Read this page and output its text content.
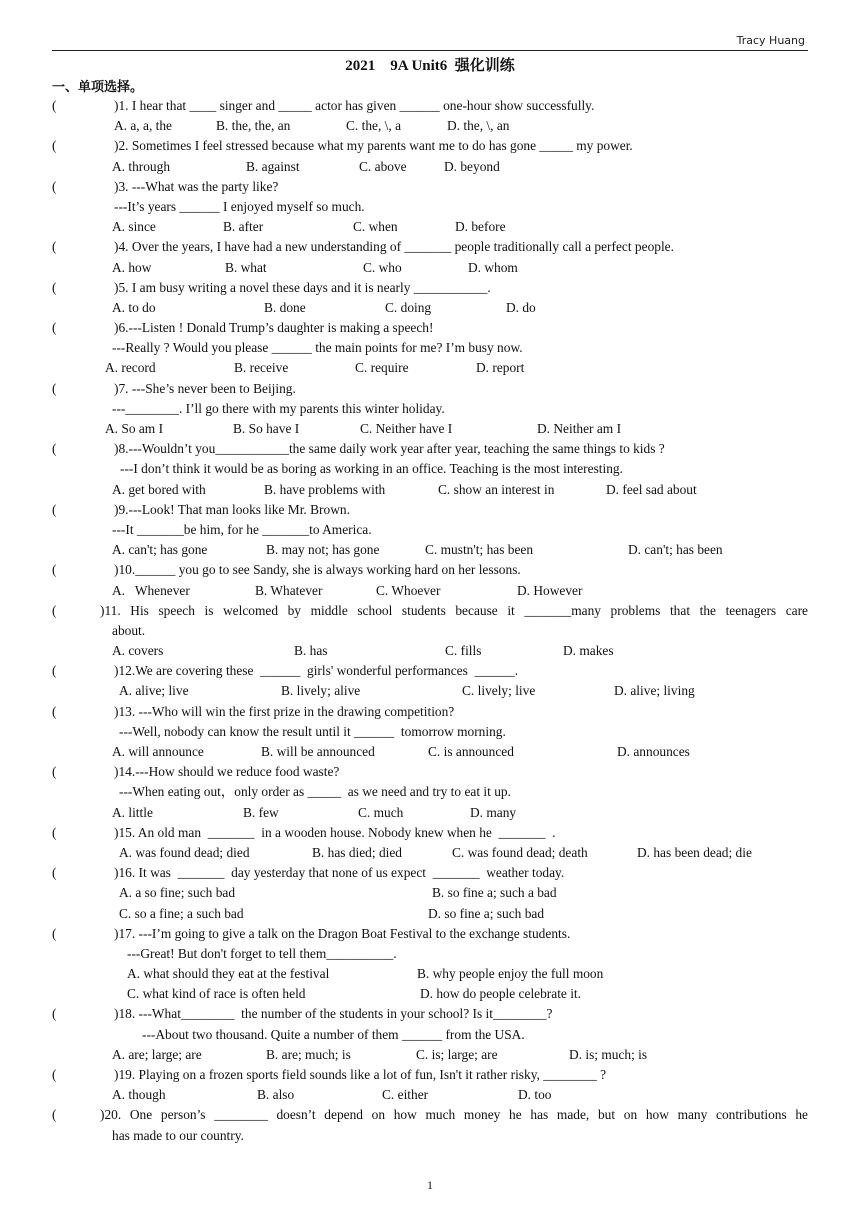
Tracy Huang
2021    9A Unit6  强化训练
一、单项选择。
(	)1. I hear that ____ singer and _____ actor has given ______ one-hour show successfully.
A. a, a, the	B. the, the, an	C. the, \, a	D. the, \, an
(	)2. Sometimes I feel stressed because what my parents want me to do has gone _____ my power.
A. through	B. against	C. above	D. beyond
(	)3. ---What was the party like?
---It’s years ______ I enjoyed myself so much.
A. since	B. after	C. when	D. before
(	)4. Over the years, I have had a new understanding of _______ people traditionally call a perfect people.
A. how	B. what	C. who	D. whom
(	)5. I am busy writing a novel these days and it is nearly ___________.
A. to do	B. done	C. doing	D. do
(	)6.---Listen ! Donald Trump’s daughter is making a speech!
---Really ? Would you please ______ the main points for me? I’m busy now.
A. record	B. receive	C. require	D. report
(	)7. ---She’s never been to Beijing.
---________. I’ll go there with my parents this winter holiday.
A. So am I	B. So have I	C. Neither have I	D. Neither am I
(	)8.---Wouldn’t you___________the same daily work year after year, teaching the same things to kids ?
---I don’t think it would be as boring as working in an office. Teaching is the most interesting.
A. get bored with	B. have problems with	C. show an interest in	D. feel sad about
(	)9.---Look! That man looks like Mr. Brown.
---It _______be him, for he _______to America.
A. can't; has gone	B. may not; has gone	C. mustn't; has been	D. can't; has been
(	)10.______ you go to see Sandy, she is always working hard on her lessons.
A.   Whenever	B. Whatever	C. Whoever	D. However
(	)11. His speech is welcomed by middle school students because it _______many problems that the teenagers care
about.
A. covers	B. has	C. fills	D. makes
(	)12.We are covering these  ______  girls' wonderful performances  ______.
A. alive; live	B. lively; alive	C. lively; live	D. alive; living
(	)13. ---Who will win the first prize in the drawing competition?
---Well, nobody can know the result until it ______  tomorrow morning.
A. will announce	B. will be announced	C. is announced	D. announces
(	)14.---How should we reduce food waste?
---When eating out，only order as _____  as we need and try to eat it up.
A. little	B. few	C. much	D. many
(	)15. An old man  _______  in a wooden house. Nobody knew when he  _______  .
A. was found dead; died	B. has died; died	C. was found dead; death	D. has been dead; die
(	)16. It was  _______  day yesterday that none of us expect  _______  weather today.
A. a so fine; such bad	B. so fine a; such a bad
C. so a fine; a such bad	D. so fine a; such bad
(	)17. ---I’m going to give a talk on the Dragon Boat Festival to the exchange students.
---Great! But don't forget to tell them__________.
A. what should they eat at the festival	B. why people enjoy the full moon
C. what kind of race is often held	D. how do people celebrate it.
(	)18. ---What________  the number of the students in your school? Is it________?
---About two thousand. Quite a number of them ______ from the USA.
A. are; large; are	B. are; much; is	C. is; large; are	D. is; much; is
(	)19. Playing on a frozen sports field sounds like a lot of fun, Isn't it rather risky, ________ ?
A. though	B. also	C. either	D. too
(	)20. One person’s ________ doesn’t depend on how much money he has made, but on how many contributions he
has made to our country.
1
